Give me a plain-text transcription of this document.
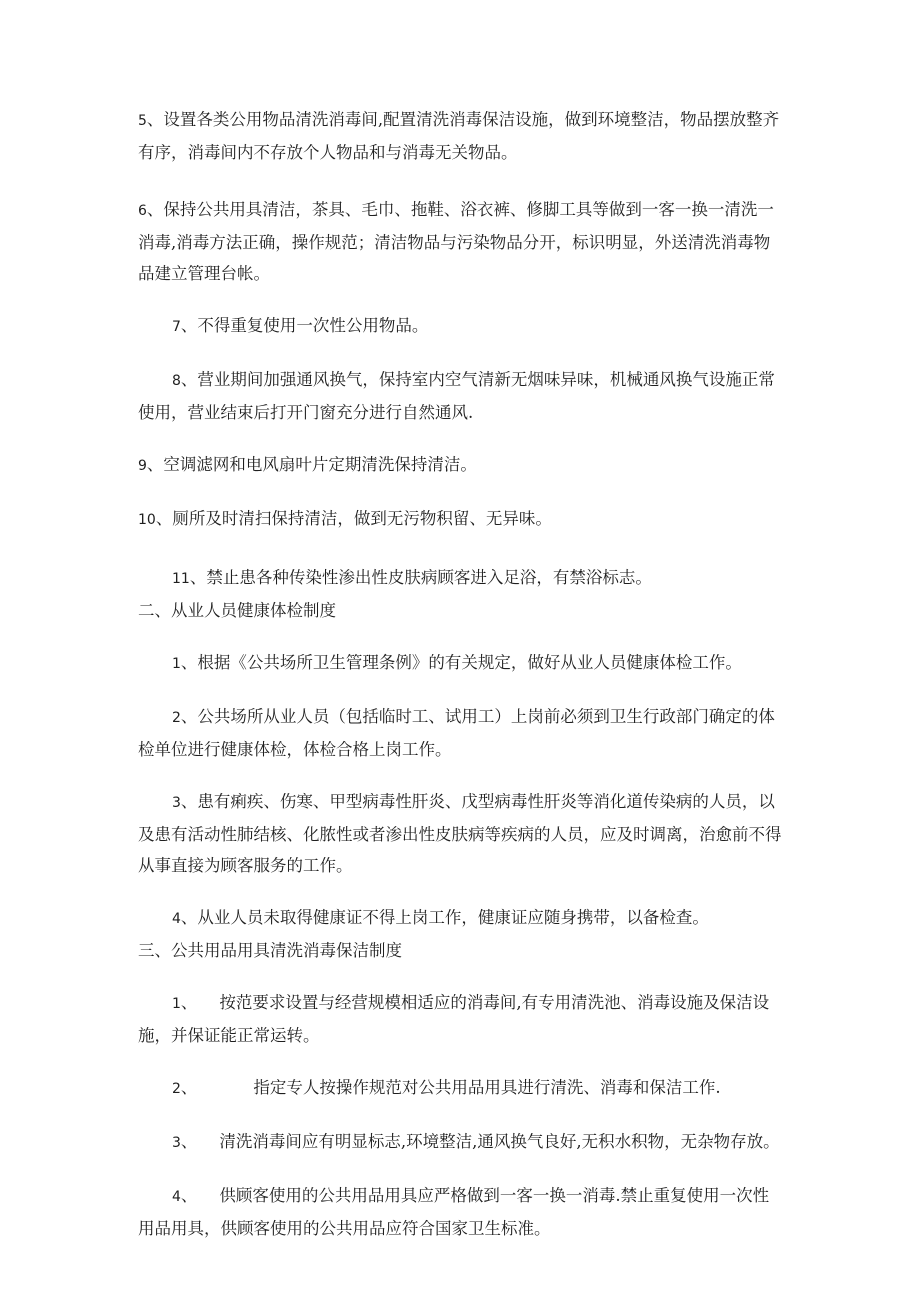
5、设置各类公用物品清洗消毒间,配置清洗消毒保洁设施，做到环境整洁，物品摆放整齐有序，消毒间内不存放个人物品和与消毒无关物品。

6、保持公共用具清洁，茶具、毛巾、拖鞋、浴衣裤、修脚工具等做到一客一换一清洗一消毒,消毒方法正确，操作规范；清洁物品与污染物品分开，标识明显，外送清洗消毒物品建立管理台帐。

7、不得重复使用一次性公用物品。

8、营业期间加强通风换气，保持室内空气清新无烟味异味，机械通风换气设施正常使用，营业结束后打开门窗充分进行自然通风.

9、空调滤网和电风扇叶片定期清洗保持清洁。

10、厕所及时清扫保持清洁，做到无污物积留、无异味。

11、禁止患各种传染性渗出性皮肤病顾客进入足浴，有禁浴标志。

二、从业人员健康体检制度

1、根据《公共场所卫生管理条例》的有关规定，做好从业人员健康体检工作。

2、公共场所从业人员（包括临时工、试用工）上岗前必须到卫生行政部门确定的体检单位进行健康体检，体检合格上岗工作。

3、患有痢疾、伤寒、甲型病毒性肝炎、戊型病毒性肝炎等消化道传染病的人员，以及患有活动性肺结核、化脓性或者渗出性皮肤病等疾病的人员，应及时调离，治愈前不得从事直接为顾客服务的工作。

4、从业人员未取得健康证不得上岗工作，健康证应随身携带，以备检查。

三、公共用品用具清洗消毒保洁制度

1、 按范要求设置与经营规模相适应的消毒间,有专用清洗池、消毒设施及保洁设施，并保证能正常运转。

2、	指定专人按操作规范对公共用品用具进行清洗、消毒和保洁工作.

3、 清洗消毒间应有明显标志,环境整洁,通风换气良好,无积水积物，无杂物存放。

4、 供顾客使用的公共用品用具应严格做到一客一换一消毒.禁止重复使用一次性用品用具，供顾客使用的公共用品应符合国家卫生标准。
